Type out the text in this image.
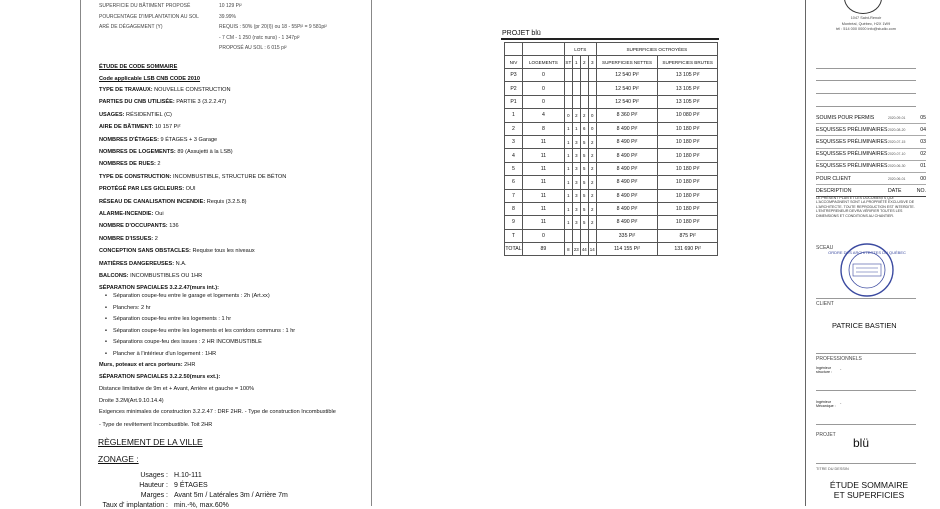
SUPERFICIE DU BÂTIMENT PROPOSÉ	10 129 Pi²
POURCENTAGE D'IMPLANTATION AU SOL	39.99%
ARÉ DE DÉGAGEMENT (Y)	REQUIS : 50% (pr 20(I)) ou 18 - 55Pi² = 9 581pi²
- 7 CM - 1 250 (nstc nuns) - 1 347pi²
PROPOSÉ AU SOL : 6 015 pi²
ÉTUDE DE CODE SOMMAIRE
Code applicable LSB CNB CODE 2010
TYPE DE TRAVAUX: NOUVELLE CONSTRUCTION
PARTIES DU CNB UTILISÉE: PARTIE 3 (3.2.2.47)
USAGES: RÉSIDENTIEL (C)
AIRE DE BÂTIMENT: 10 157 Pi²
NOMBRES D'ÉTAGES: 9 ÉTAGES + 3 Garage
NOMBRES DE LOGEMENTS: 89 (Assujetti à la LSB)
NOMBRES DE RUES: 2
TYPE DE CONSTRUCTION: INCOMBUSTIBLE, STRUCTURE DE BÉTON
PROTÉGÉ PAR LES GICLEURS: OUI
RÉSEAU DE CANALISATION INCENDIE: Requis (3.2.5.8)
ALARME-INCENDIE: Oui
NOMBRE D'OCCUPANTS: 136
NOMBRE D'ISSUES: 2
CONCEPTION SANS OBSTACLES: Requise tous les niveaux
MATIÈRES DANGEREUSES: N.A.
BALCONS: INCOMBUSTIBLES OU 1HR
SÉPARATION SPACIALES 3.2.2.47(murs int.):
• Séparation coupe-feu entre le garage et logements : 2h (Art.xx)
• Planchers: 2 hr
• Séparation coupe-feu entre les logements : 1 hr
• Séparation coupe-feu entre les logements et les corridors communs : 1 hr
• Séparations coupe-feu des issues : 2 HR INCOMBUSTIBLE
• Plancher à l'intérieur d'un logement : 1HR
Murs, poteaux et arcs porteurs: 2HR
SÉPARATION SPACIALES 3.2.2.50(murs ext.):
Distance limitative de 9m et + Avant, Arrière et gauche = 100%
Droite 3.2M(Art.9.10.14.4)
Exigences minimales de construction 3.2.2.47 : DRF 2HR. - Type de construction Incombustible
- Type de revêtement Incombustible. Toit 2HR
RÈGLEMENT DE LA VILLE
ZONAGE :
Usages : H.10-111
Hauteur : 9 ÉTAGES
Marges : Avant 5m / Latérales 3m / Arrière 7m
Taux d' implantation : min.-%, max.60%
PROJET blü
		LOTS				SUPERFICIES OCTROYÉES	
NIV	LOGEMENTS	ST	1	2	3	SUPERFICIES NETTES	SUPERFICIES BRUTES
P3	0					12 540 Pi²	13 105 Pi²
P2	0					12 540 Pi²	13 105 Pi²
P1	0					12 540 Pi²	13 105 Pi²
1	4	0	2	2	0	8 360 Pi²	10 080 Pi²
2	8	1	1	6	0	8 490 Pi²	10 180 Pi²
3	11	1	3	5	2	8 490 Pi²	10 180 Pi²
4	11	1	3	5	2	8 490 Pi²	10 180 Pi²
5	11	1	3	5	2	8 490 Pi²	10 180 Pi²
6	11	1	3	5	2	8 490 Pi²	10 180 Pi²
7	11	1	3	5	2	8 490 Pi²	10 180 Pi²
8	11	1	3	5	2	8 490 Pi²	10 180 Pi²
9	11	1	3	5	2	8 490 Pi²	10 180 Pi²
T	0					335 Pi²	875 Pi²
TOTAL	89	8	23	44	14	114 155 Pi²	131 690 Pi²
1047 Saint-Renoir
Montréal, Québec, H2X 1W9
tél : 514 000 0000 info@studio.com
SOUMIS POUR PERMIS	2020-09-01	05
ESQUISSES PRÉLIMINAIRES 2020-08-20	04
ESQUISSES PRÉLIMINAIRES 2020-07-15	03
ESQUISSES PRÉLIMINAIRES 2020-07-10	02
ESQUISSES PRÉLIMINAIRES 2020-06-30	01
POUR CLIENT	2020-06-01	00
DESCRIPTION	DATE	NO.
LE PRÉSENT PLAN ET LES DOCUMENTS QUI L'ACCOMPAGNENT SONT LA PROPRIÉTÉ EXCLUSIVE DE L'ARCHITECTE. TOUTE REPRODUCTION EST INTERDITE. L'ENTREPRENEUR DEVRA VÉRIFIER TOUTES LES DIMENSIONS ET CONDITIONS AU CHANTIER.
SCEAU
ORDRE DES ARCHITECTES DU QUÉBEC
CLIENT
PATRICE BASTIEN
PROFESSIONNELS
Ingénieur structure :
-
Ingénieur Mécanique :
-
PROJET
blü
TITRE DU DESSIN
ÉTUDE SOMMAIRE
ET SUPERFICIES
